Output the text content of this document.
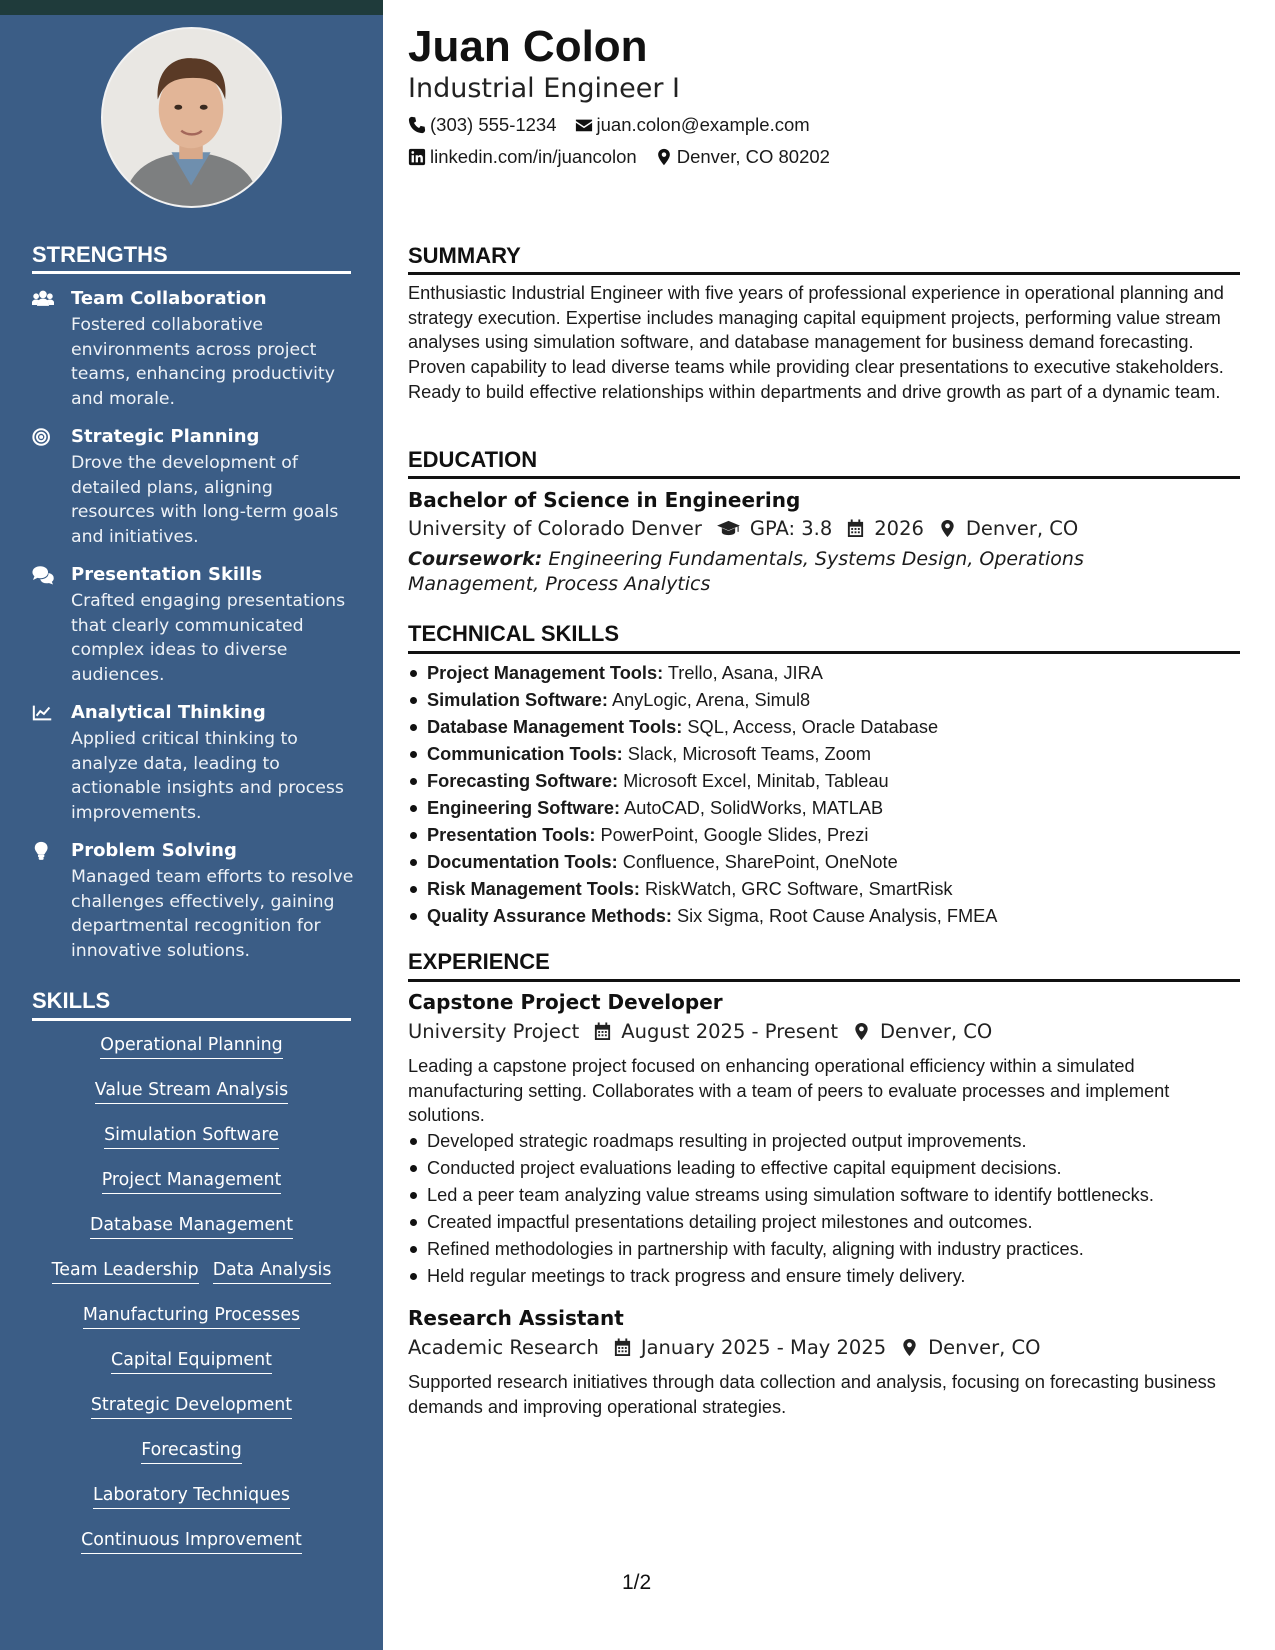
STRENGTHS
Team Collaboration
Fostered collaborative environments across project teams, enhancing productivity and morale.
Strategic Planning
Drove the development of detailed plans, aligning resources with long-term goals and initiatives.
Presentation Skills
Crafted engaging presentations that clearly communicated complex ideas to diverse audiences.
Analytical Thinking
Applied critical thinking to analyze data, leading to actionable insights and process improvements.
Problem Solving
Managed team efforts to resolve challenges effectively, gaining departmental recognition for innovative solutions.
SKILLS
Operational Planning
Value Stream Analysis
Simulation Software
Project Management
Database Management
Team Leadership Data Analysis
Manufacturing Processes
Capital Equipment
Strategic Development
Forecasting
Laboratory Techniques
Continuous Improvement
Juan Colon
Industrial Engineer I
(303) 555-1234 juan.colon@example.com
linkedin.com/in/juancolon Denver, CO 80202
SUMMARY
Enthusiastic Industrial Engineer with five years of professional experience in operational planning and strategy execution. Expertise includes managing capital equipment projects, performing value stream analyses using simulation software, and database management for business demand forecasting. Proven capability to lead diverse teams while providing clear presentations to executive stakeholders. Ready to build effective relationships within departments and drive growth as part of a dynamic team.
EDUCATION
Bachelor of Science in Engineering
University of Colorado Denver GPA: 3.8 2026 Denver, CO
Coursework: Engineering Fundamentals, Systems Design, Operations Management, Process Analytics
TECHNICAL SKILLS
Project Management Tools: Trello, Asana, JIRA
Simulation Software: AnyLogic, Arena, Simul8
Database Management Tools: SQL, Access, Oracle Database
Communication Tools: Slack, Microsoft Teams, Zoom
Forecasting Software: Microsoft Excel, Minitab, Tableau
Engineering Software: AutoCAD, SolidWorks, MATLAB
Presentation Tools: PowerPoint, Google Slides, Prezi
Documentation Tools: Confluence, SharePoint, OneNote
Risk Management Tools: RiskWatch, GRC Software, SmartRisk
Quality Assurance Methods: Six Sigma, Root Cause Analysis, FMEA
EXPERIENCE
Capstone Project Developer
University Project August 2025 - Present Denver, CO
Leading a capstone project focused on enhancing operational efficiency within a simulated manufacturing setting. Collaborates with a team of peers to evaluate processes and implement solutions.
Developed strategic roadmaps resulting in projected output improvements.
Conducted project evaluations leading to effective capital equipment decisions.
Led a peer team analyzing value streams using simulation software to identify bottlenecks.
Created impactful presentations detailing project milestones and outcomes.
Refined methodologies in partnership with faculty, aligning with industry practices.
Held regular meetings to track progress and ensure timely delivery.
Research Assistant
Academic Research January 2025 - May 2025 Denver, CO
Supported research initiatives through data collection and analysis, focusing on forecasting business demands and improving operational strategies.
1/2
